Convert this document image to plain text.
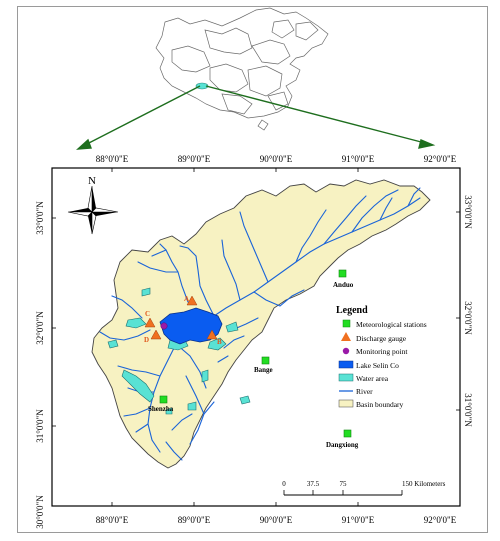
88°0'0"E	89°0'0"E	90°0'0"E	91°0'0"E	92°0'0"E
88°0'0"E	89°0'0"E	90°0'0"E	91°0'0"E	92°0'0"E
33°0'0"N
32°0'0"N
31°0'0"N
30°0'0"N
33°0'0"N
32°0'0"N
31°0'0"N
N
Anduo
Bange
Shenzha
Dangxiong
A
B
C
D
Legend
Meteorological stations
Discharge gauge
Monitoring point
Lake Selin Co
Water area
River
Basin boundary
0	37.5	75	150 Kilometers
